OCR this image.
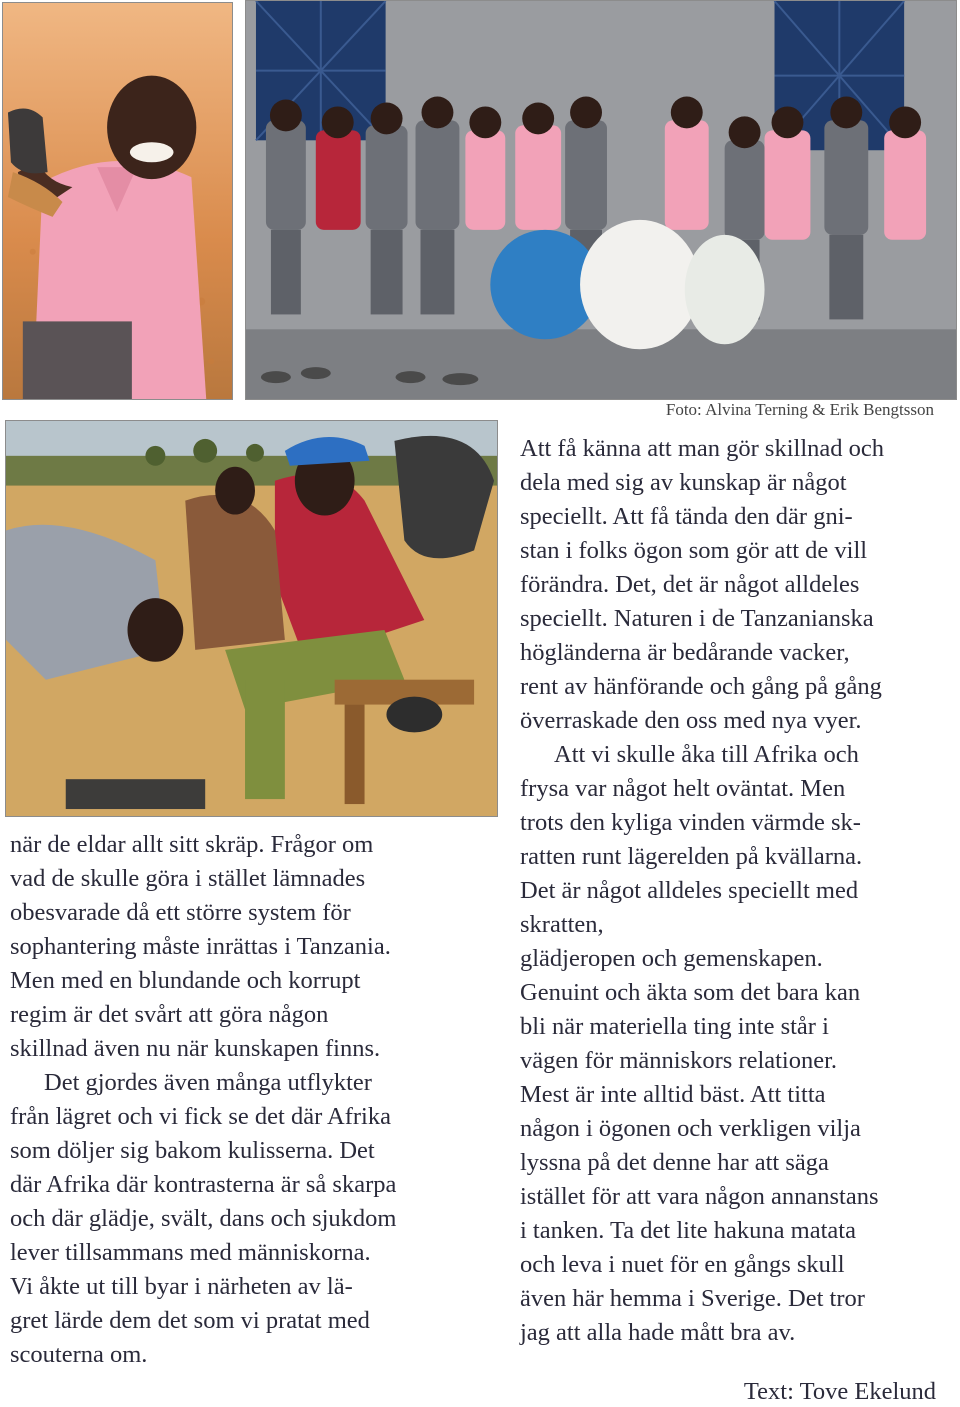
Foto: Alvina Terning & Erik Bengtsson
när de eldar allt sitt skräp. Frågor om
vad de skulle göra i stället lämnades
obesvarade då ett större system för
sophantering måste inrättas i Tanzania.
Men med en blundande och korrupt
regim är det svårt att göra någon
skillnad även nu när kunskapen finns.
Det gjordes även många utflykter
från lägret och vi fick se det där Afrika
som döljer sig bakom kulisserna. Det
där Afrika där kontrasterna är så skarpa
och där glädje, svält, dans och sjukdom
lever tillsammans med människorna.
Vi åkte ut till byar i närheten av lä-
gret lärde dem det som vi pratat med
scouterna om.
Att få känna att man gör skillnad och
dela med sig av kunskap är något
speciellt. Att få tända den där gni-
stan i folks ögon som gör att de vill
förändra. Det, det är något alldeles
speciellt. Naturen i de Tanzanianska
högländerna är bedårande vacker,
rent av hänförande och gång på gång
överraskade den oss med nya vyer.
Att vi skulle åka till Afrika och
frysa var något helt oväntat. Men
trots den kyliga vinden värmde sk-
ratten runt lägerelden på kvällarna.
Det är något alldeles speciellt med
skratten,
glädjeropen och gemenskapen.
Genuint och äkta som det bara kan
bli när materiella ting inte står i
vägen för människors relationer.
Mest är inte alltid bäst. Att titta
någon i ögonen och verkligen vilja
lyssna på det denne har att säga
istället för att vara någon annanstans
i tanken. Ta det lite hakuna matata
och leva i nuet för en gångs skull
även här hemma i Sverige. Det tror
jag att alla hade mått bra av.
Text: Tove Ekelund
